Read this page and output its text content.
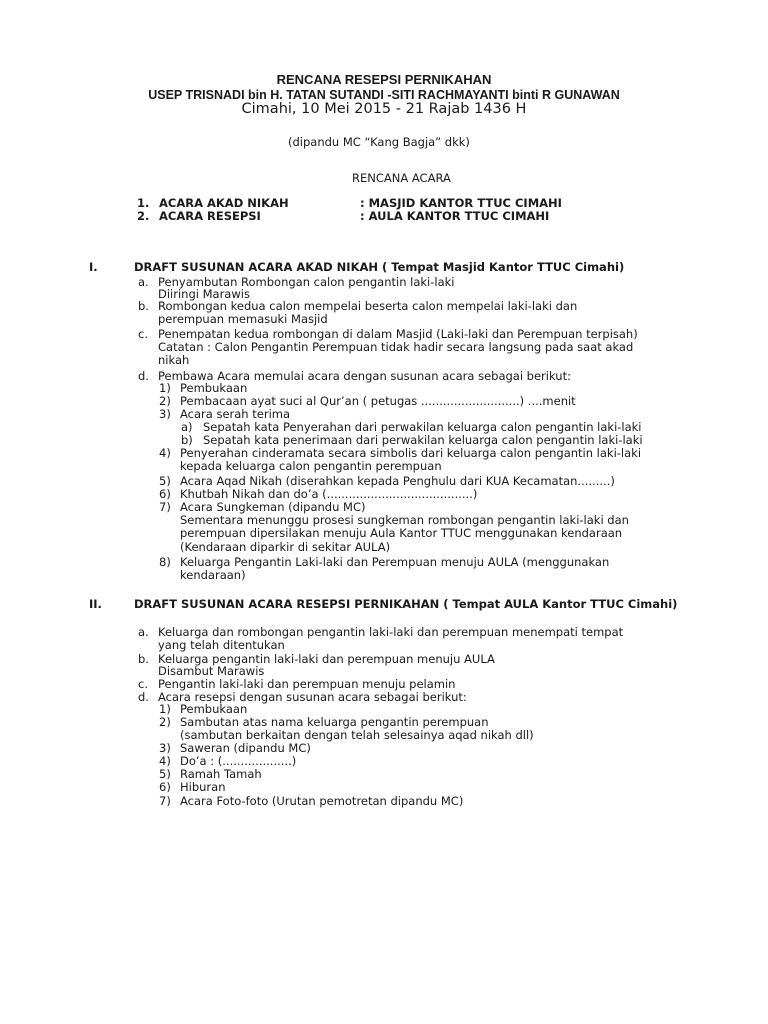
RENCANA RESEPSI PERNIKAHAN
USEP TRISNADI bin H. TATAN SUTANDI -SITI RACHMAYANTI binti R GUNAWAN
Cimahi, 10 Mei 2015 - 21 Rajab 1436 H
(dipandu MC “Kang Bagja” dkk)
RENCANA ACARA
1. ACARA AKAD NIKAH	: MASJID KANTOR TTUC CIMAHI
2. ACARA RESEPSI	: AULA KANTOR TTUC CIMAHI
I.	DRAFT SUSUNAN ACARA AKAD NIKAH ( Tempat Masjid Kantor TTUC Cimahi)
a. Penyambutan Rombongan calon pengantin laki-laki
Diiringi Marawis
b. Rombongan kedua calon mempelai beserta calon mempelai laki-laki dan
perempuan memasuki Masjid
c. Penempatan kedua rombongan di dalam Masjid (Laki-laki dan Perempuan terpisah)
Catatan : Calon Pengantin Perempuan tidak hadir secara langsung pada saat akad
nikah
d. Pembawa Acara memulai acara dengan susunan acara sebagai berikut:
1) Pembukaan
2) Pembacaan ayat suci al Qur’an ( petugas ...........................) ....menit
3) Acara serah terima
a) Sepatah kata Penyerahan dari perwakilan keluarga calon pengantin laki-laki
b) Sepatah kata penerimaan dari perwakilan keluarga calon pengantin laki-laki
4) Penyerahan cinderamata secara simbolis dari keluarga calon pengantin laki-laki
kepada keluarga calon pengantin perempuan
5) Acara Aqad Nikah (diserahkan kepada Penghulu dari KUA Kecamatan.........)
6) Khutbah Nikah dan do’a (........................................)
7) Acara Sungkeman (dipandu MC)
Sementara menunggu prosesi sungkeman rombongan pengantin laki-laki dan
perempuan dipersilakan menuju Aula Kantor TTUC menggunakan kendaraan
(Kendaraan diparkir di sekitar AULA)
8) Keluarga Pengantin Laki-laki dan Perempuan menuju AULA (menggunakan
kendaraan)
II.	DRAFT SUSUNAN ACARA RESEPSI PERNIKAHAN ( Tempat AULA Kantor TTUC Cimahi)
a. Keluarga dan rombongan pengantin laki-laki dan perempuan menempati tempat
yang telah ditentukan
b. Keluarga pengantin laki-laki dan perempuan menuju AULA
Disambut Marawis
c. Pengantin laki-laki dan perempuan menuju pelamin
d. Acara resepsi dengan susunan acara sebagai berikut:
1) Pembukaan
2) Sambutan atas nama keluarga pengantin perempuan
(sambutan berkaitan dengan telah selesainya aqad nikah dll)
3) Saweran (dipandu MC)
4) Do’a : (...................)
5) Ramah Tamah
6) Hiburan
7) Acara Foto-foto (Urutan pemotretan dipandu MC)
